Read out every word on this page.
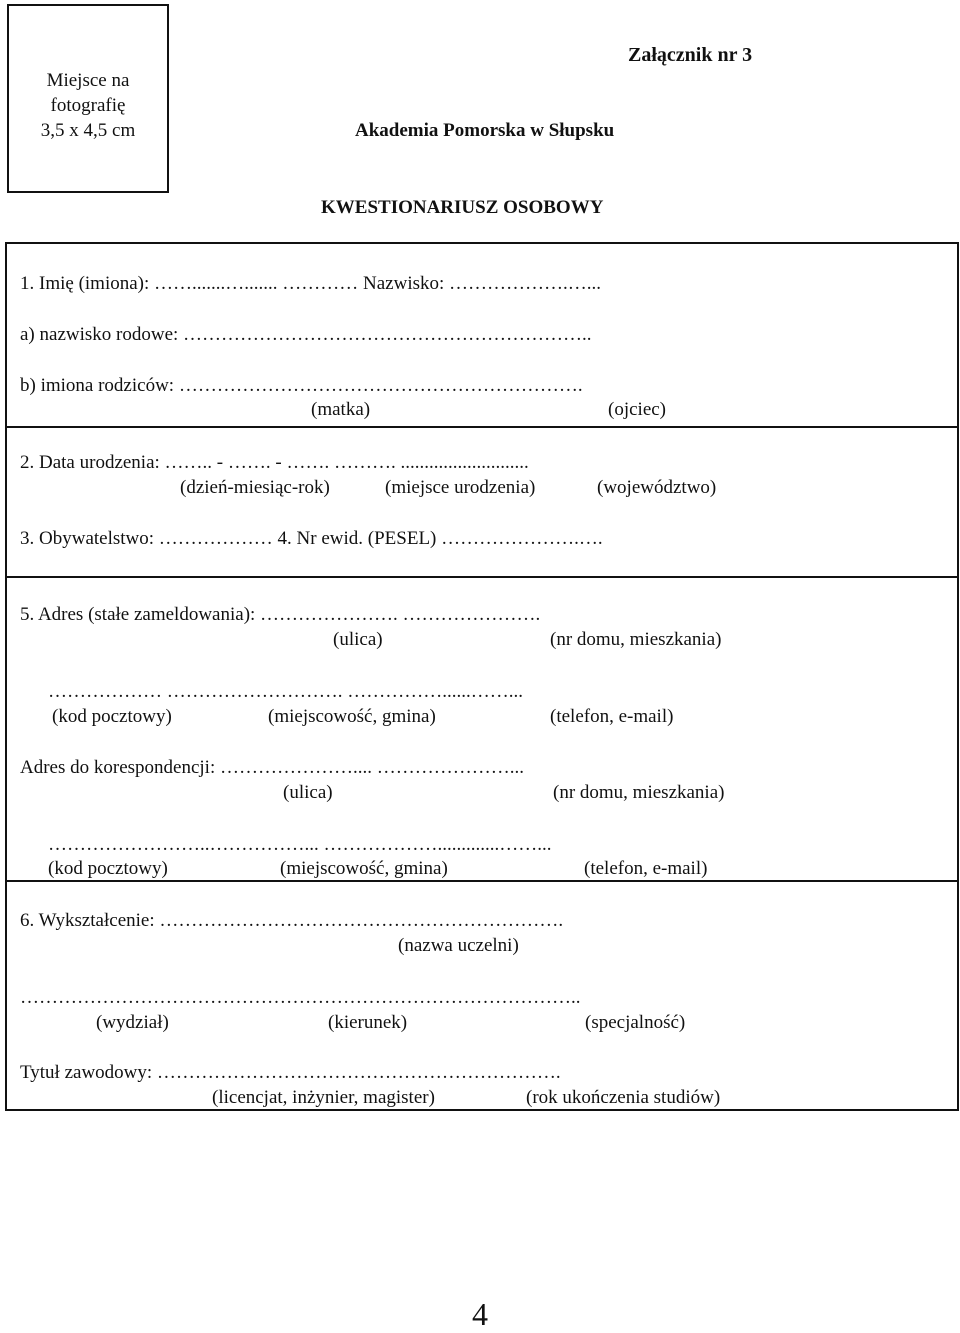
Miejsce na
fotografię
3,5 x 4,5 cm
Załącznik nr 3
Akademia Pomorska w Słupsku
KWESTIONARIUSZ OSOBOWY
1. Imię (imiona): …….......…....... ………… Nazwisko: ……………….…...
a) nazwisko rodowe: ………………………………………………………..
b) imiona rodziców: ……………………………………………………….
(matka)	(ojciec)
2. Data urodzenia: …….. - ……. - ……. ………. ...........................
(dzień-miesiąc-rok)	(miejsce urodzenia)	(województwo)
3. Obywatelstwo: ……………… 4. Nr ewid. (PESEL) ………………….….
5. Adres (stałe zameldowania): …………………. ………………….
(ulica)	(nr domu, mieszkania)
……………… ………………………. ……………......……...
(kod pocztowy)	(miejscowość, gmina)	(telefon, e-mail)
Adres do korespondencji: ………………….... …………………...
(ulica)	(nr domu, mieszkania)
……………………..……………... ……………….............……...
(kod pocztowy)	(miejscowość, gmina)	(telefon, e-mail)
6. Wykształcenie: ……………………………………………………….
(nazwa uczelni)
……………………………………………………………………………..
(wydział)	(kierunek)	(specjalność)
Tytuł zawodowy: ……………………………………………………….
(licencjat, inżynier, magister)	(rok ukończenia studiów)
4
